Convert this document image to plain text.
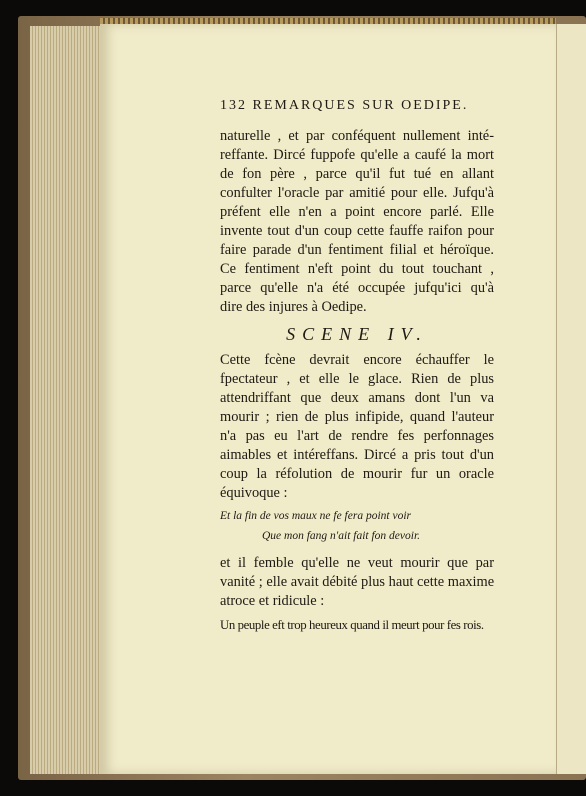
132 REMARQUES SUR OEDIPE.
naturelle , et par conféquent nullement inté-
reffante. Dircé fuppofe qu'elle a caufé la mort
de fon père , parce qu'il fut tué en allant
confulter l'oracle par amitié pour elle. Jufqu'à
préfent elle n'en a point encore parlé. Elle
invente tout d'un coup cette fauffe raifon pour
faire parade d'un fentiment filial et héroïque.
Ce fentiment n'eft point du tout touchant ,
parce qu'elle n'a été occupée jufqu'ici qu'à
dire des injures à Oedipe.
SCENE IV.
Cette fcène devrait encore échauffer le
fpectateur , et elle le glace. Rien de plus
attendriffant que deux amans dont l'un va
mourir ; rien de plus infipide, quand l'auteur
n'a pas eu l'art de rendre fes perfonnages
aimables et intéreffans. Dircé a pris tout d'un
coup la réfolution de mourir fur un oracle
équivoque :
Et la fin de vos maux ne fe fera point voir
Que mon fang n'ait fait fon devoir.
et il femble qu'elle ne veut mourir que par
vanité ; elle avait débité plus haut cette maxime
atroce et ridicule :
Un peuple eft trop heureux quand il meurt pour fes rois.
